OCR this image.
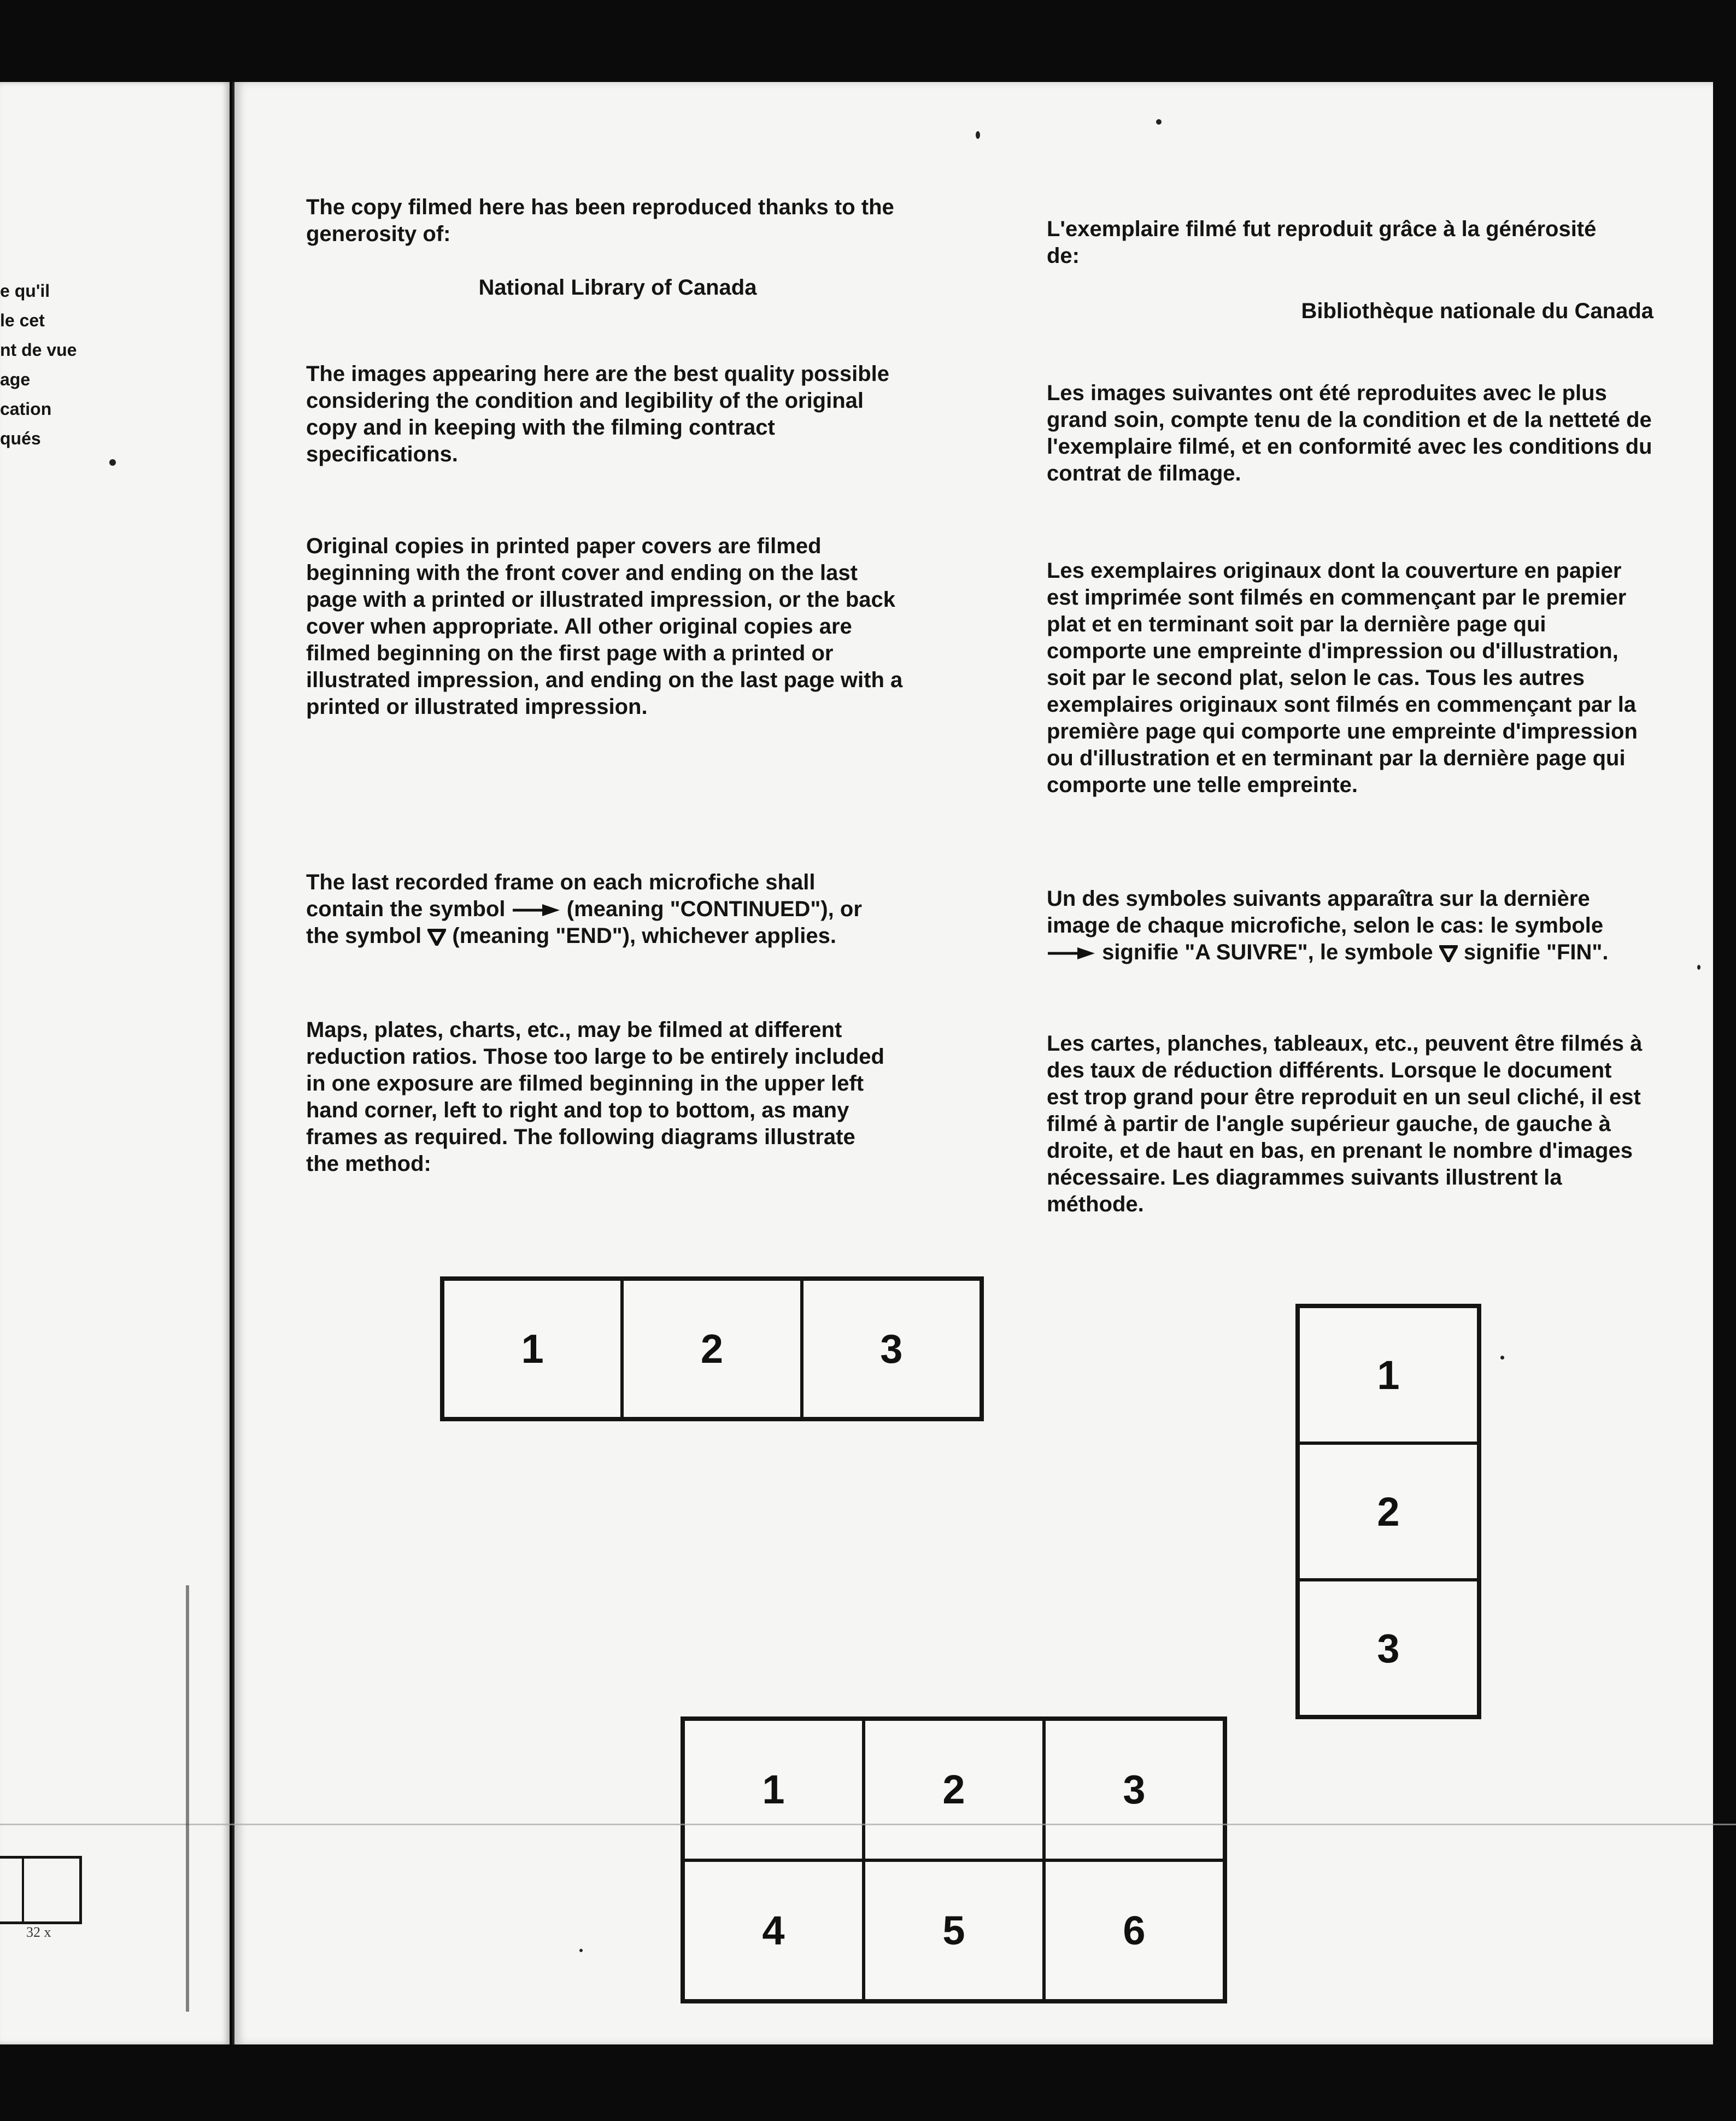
e qu'il
le cet
nt de vue
age
cation
qués
32 x
The copy filmed here has been reproduced thanks to the generosity of:
National Library of Canada
The images appearing here are the best quality possible considering the condition and legibility of the original copy and in keeping with the filming contract specifications.
Original copies in printed paper covers are filmed beginning with the front cover and ending on the last page with a printed or illustrated impression, or the back cover when appropriate. All other original copies are filmed beginning on the first page with a printed or illustrated impression, and ending on the last page with a printed or illustrated impression.
The last recorded frame on each microfiche shall contain the symbol	(meaning "CONTINUED"), or the symbol (meaning "END"), whichever applies.
Maps, plates, charts, etc., may be filmed at different reduction ratios. Those too large to be entirely included in one exposure are filmed beginning in the upper left hand corner, left to right and top to bottom, as many frames as required. The following diagrams illustrate the method:
L'exemplaire filmé fut reproduit grâce à la générosité de:
Bibliothèque nationale du Canada
Les images suivantes ont été reproduites avec le plus grand soin, compte tenu de la condition et de la netteté de l'exemplaire filmé, et en conformité avec les conditions du contrat de filmage.
Les exemplaires originaux dont la couverture en papier est imprimée sont filmés en commençant par le premier plat et en terminant soit par la dernière page qui comporte une empreinte d'impression ou d'illustration, soit par le second plat, selon le cas. Tous les autres exemplaires originaux sont filmés en commençant par la première page qui comporte une empreinte d'impression ou d'illustration et en terminant par la dernière page qui comporte une telle empreinte.
Un des symboles suivants apparaîtra sur la dernière image de chaque microfiche, selon le cas: le symbole  signifie "A SUIVRE", le symbole signifie "FIN".
Les cartes, planches, tableaux, etc., peuvent être filmés à des taux de réduction différents. Lorsque le document est trop grand pour être reproduit en un seul cliché, il est filmé à partir de l'angle supérieur gauche, de gauche à droite, et de haut en bas, en prenant le nombre d'images nécessaire. Les diagrammes suivants illustrent la méthode.
1	2	3
1
2
3
1	2	3
4	5	6
